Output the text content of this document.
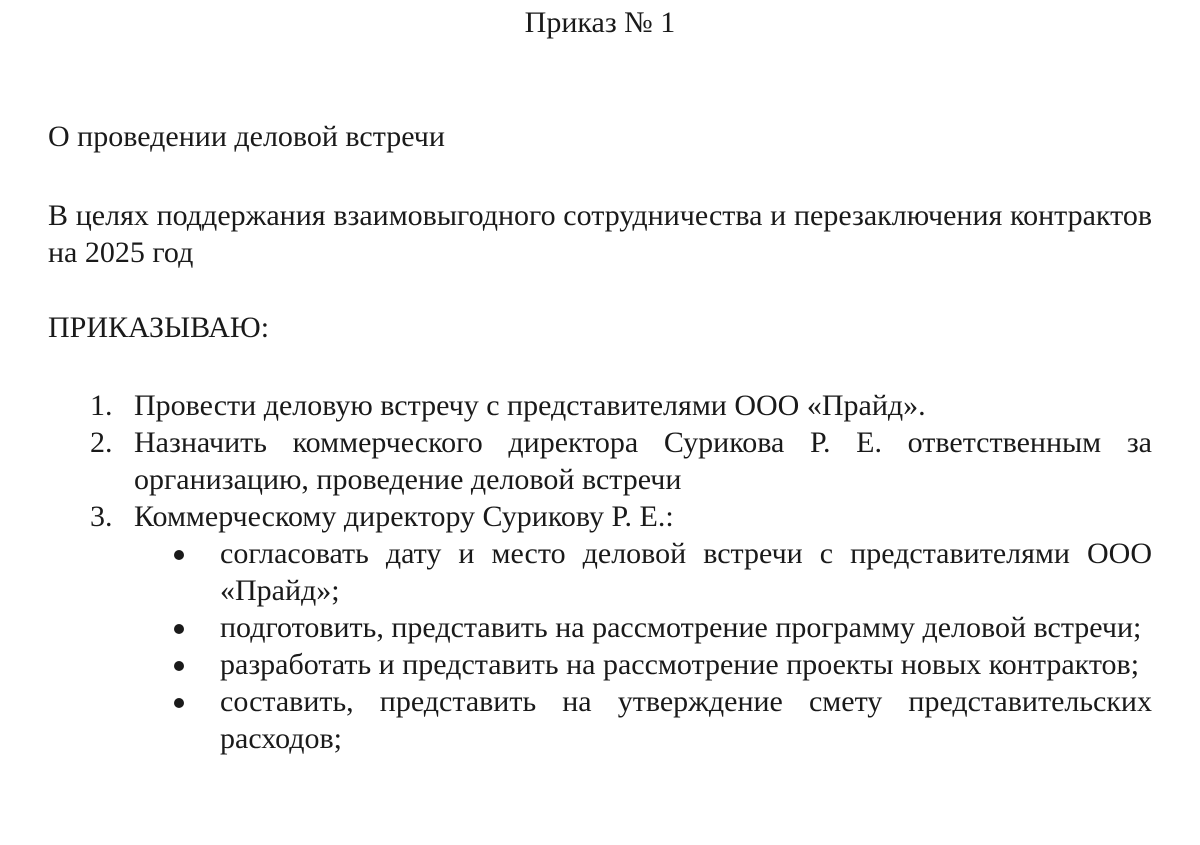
Приказ № 1

О проведении деловой встречи

В целях поддержания взаимовыгодного сотрудничества и перезаключения контрактов на 2025 год

ПРИКАЗЫВАЮ:

1. Провести деловую встречу с представителями ООО «Прайд».
2. Назначить коммерческого директора Сурикова Р. Е. ответственным за организацию, проведение деловой встречи
3. Коммерческому директору Сурикову Р. Е.:
согласовать дату и место деловой встречи с представителями ООО «Прайд»;
подготовить, представить на рассмотрение программу деловой встречи;
разработать и представить на рассмотрение проекты новых контрактов;
составить, представить на утверждение смету представительских расходов;
